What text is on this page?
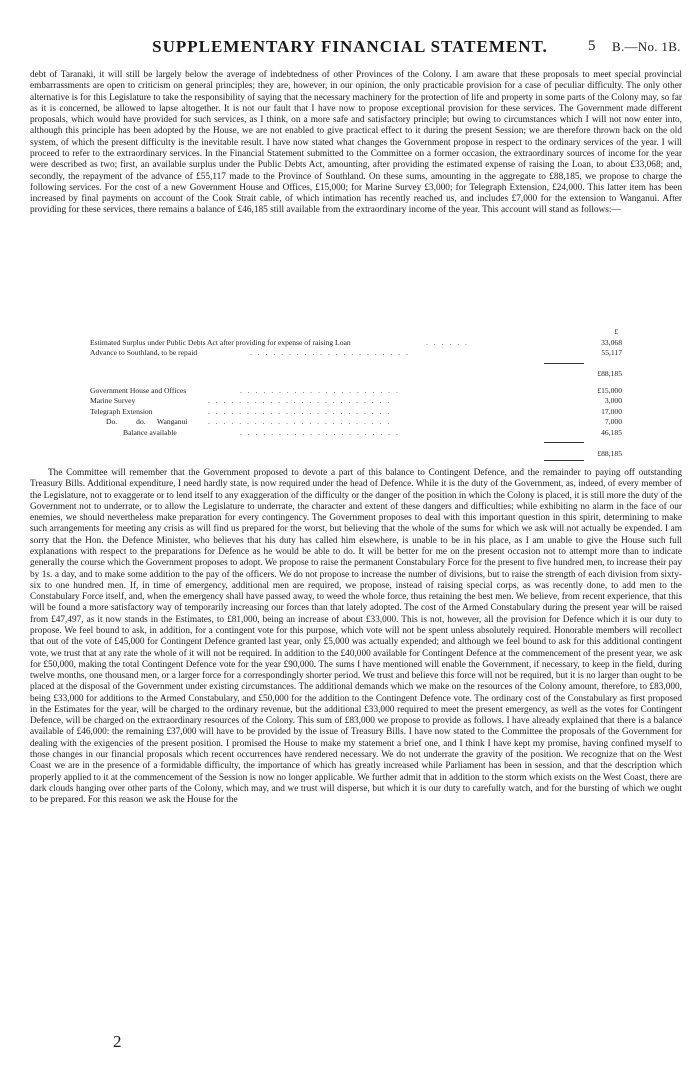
SUPPLEMENTARY FINANCIAL STATEMENT.	5 B.—No. 1B.

debt of Taranaki, it will still be largely below the average of indebtedness of other Provinces of the Colony. I am aware that these proposals to meet special provincial embarrassments are open to criticism on general principles; they are, however, in our opinion, the only practicable provision for a case of peculiar difficulty. The only other alternative is for this Legislature to take the responsibility of saying that the necessary machinery for the protection of life and property in some parts of the Colony may, so far as it is concerned, be allowed to lapse altogether. It is not our fault that I have now to propose exceptional provision for these services. The Government made different proposals, which would have provided for such services, as I think, on a more safe and satisfactory principle; but owing to circumstances which I will not now enter into, although this principle has been adopted by the House, we are not enabled to give practical effect to it during the present Session; we are therefore thrown back on the old system, of which the present difficulty is the inevitable result. I have now stated what changes the Government propose in respect to the ordinary services of the year. I will proceed to refer to the extraordinary services. In the Financial Statement submitted to the Committee on a former occasion, the extraordinary sources of income for the year were described as two; first, an available surplus under the Public Debts Act, amounting, after providing the estimated expense of raising the Loan, to about £33,068; and, secondly, the repayment of the advance of £55,117 made to the Province of Southland. On these sums, amounting in the aggregate to £88,185, we propose to charge the following services. For the cost of a new Government House and Offices, £15,000; for Marine Survey £3,000; for Telegraph Extension, £24,000. This latter item has been increased by final payments on account of the Cook Strait cable, of which intimation has recently reached us, and includes £7,000 for the extension to Wanganui. After providing for these services, there remains a balance of £46,185 still available from the extraordinary income of the year. This account will stand as follows:—

£
Estimated Surplus under Public Debts Act after providing for expense of raising Loan	. . . . . .	33,068
Advance to Southland, to be repaid	. . . . . . . . . . . . . . . . . . . . .	55,117
£88,185
Government House and Offices	. . . . . . . . . . . . . . . . . . . . .	£15,000
Marine Survey	. . . . . . . . . . . . . . . . . . . . . . . .	3,000
Telegraph Extension	. . . . . . . . . . . . . . . . . . . . . . . .	17,000
Do.          do.      Wanganui	. . . . . . . . . . . . . . . . . . . . . . . .	7,000
Balance available	. . . . . . . . . . . . . . . . . . . . .	46,185
£88,185

The Committee will remember that the Government proposed to devote a part of this balance to Contingent Defence, and the remainder to paying off outstanding Treasury Bills. Additional expenditure, I need hardly state, is now required under the head of Defence. While it is the duty of the Government, as, indeed, of every member of the Legislature, not to exaggerate or to lend itself to any exaggeration of the difficulty or the danger of the position in which the Colony is placed, it is still more the duty of the Government not to underrate, or to allow the Legislature to underrate, the character and extent of these dangers and difficulties; while exhibiting no alarm in the face of our enemies, we should nevertheless make preparation for every contingency. The Government proposes to deal with this important question in this spirit, determining to make such arrangements for meeting any crisis as will find us prepared for the worst, but believing that the whole of the sums for which we ask will not actually be expended. I am sorry that the Hon. the Defence Minister, who believes that his duty has called him elsewhere, is unable to be in his place, as I am unable to give the House such full explanations with respect to the preparations for Defence as he would be able to do. It will be better for me on the present occasion not to attempt more than to indicate generally the course which the Government proposes to adopt. We propose to raise the permanent Constabulary Force for the present to five hundred men, to increase their pay by 1s. a day, and to make some addition to the pay of the officers. We do not propose to increase the number of divisions, but to raise the strength of each division from sixty-six to one hundred men. If, in time of emergency, additional men are required, we propose, instead of raising special corps, as was recently done, to add men to the Constabulary Force itself, and, when the emergency shall have passed away, to weed the whole force, thus retaining the best men. We believe, from recent experience, that this will be found a more satisfactory way of temporarily increasing our forces than that lately adopted. The cost of the Armed Constabulary during the present year will be raised from £47,497, as it now stands in the Estimates, to £81,000, being an increase of about £33,000. This is not, however, all the provision for Defence which it is our duty to propose. We feel bound to ask, in addition, for a contingent vote for this purpose, which vote will not be spent unless absolutely required. Honorable members will recollect that out of the vote of £45,000 for Contingent Defence granted last year, only £5,000 was actually expended; and although we feel bound to ask for this additional contingent vote, we trust that at any rate the whole of it will not be required. In addition to the £40,000 available for Contingent Defence at the commencement of the present year, we ask for £50,000, making the total Contingent Defence vote for the year £90,000. The sums I have mentioned will enable the Government, if necessary, to keep in the field, during twelve months, one thousand men, or a larger force for a correspondingly shorter period. We trust and believe this force will not be required, but it is no larger than ought to be placed at the disposal of the Government under existing circumstances. The additional demands which we make on the resources of the Colony amount, therefore, to £83,000, being £33,000 for additions to the Armed Constabulary, and £50,000 for the addition to the Contingent Defence vote. The ordinary cost of the Constabulary as first proposed in the Estimates for the year, will be charged to the ordinary revenue, but the additional £33,000 required to meet the present emergency, as well as the votes for Contingent Defence, will be charged on the extraordinary resources of the Colony. This sum of £83,000 we propose to provide as follows. I have already explained that there is a balance available of £46,000: the remaining £37,000 will have to be provided by the issue of Treasury Bills. I have now stated to the Committee the proposals of the Government for dealing with the exigencies of the present position. I promised the House to make my statement a brief one, and I think I have kept my promise, having confined myself to those changes in our financial proposals which recent occurrences have rendered necessary. We do not underrate the gravity of the position. We recognize that on the West Coast we are in the presence of a formidable difficulty, the importance of which has greatly increased while Parliament has been in session, and that the description which properly applied to it at the commencement of the Session is now no longer applicable. We further admit that in addition to the storm which exists on the West Coast, there are dark clouds hanging over other parts of the Colony, which may, and we trust will disperse, but which it is our duty to carefully watch, and for the bursting of which we ought to be prepared. For this reason we ask the House for the

2
